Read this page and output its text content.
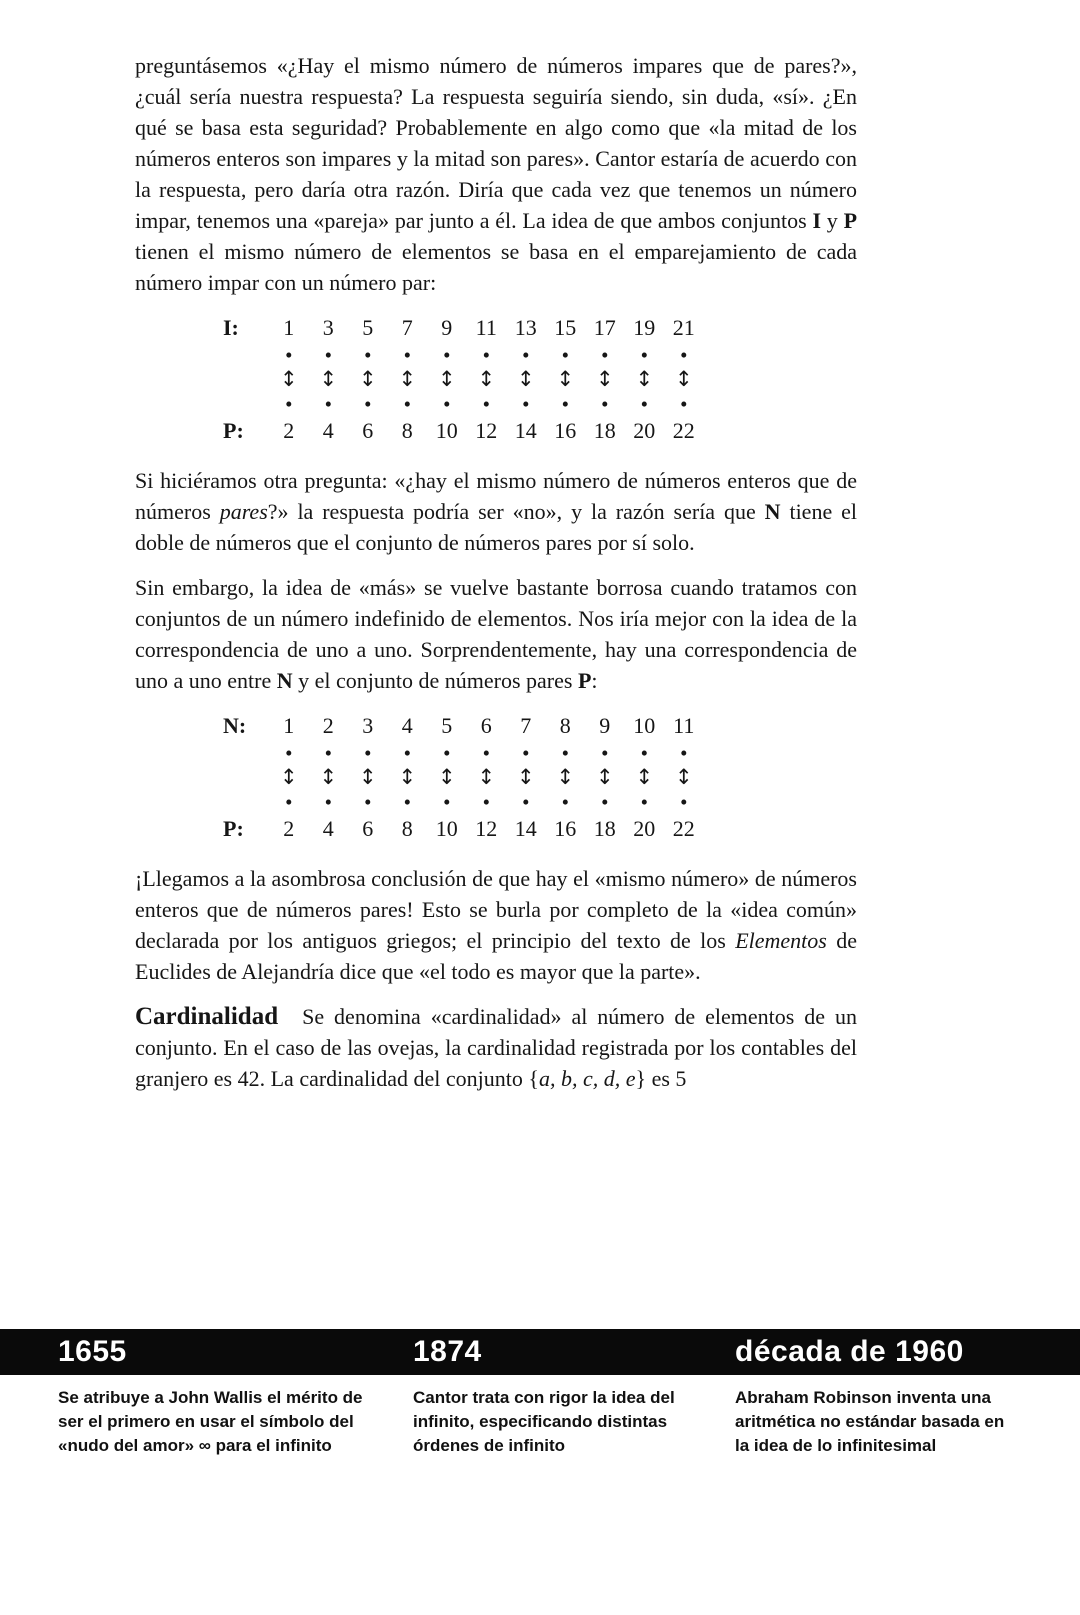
preguntásemos «¿Hay el mismo número de números impares que de pares?», ¿cuál sería nuestra respuesta? La respuesta seguiría siendo, sin duda, «sí». ¿En qué se basa esta seguridad? Probablemente en algo como que «la mitad de los números enteros son impares y la mitad son pares». Cantor estaría de acuerdo con la respuesta, pero daría otra razón. Diría que cada vez que tenemos un número impar, tenemos una «pareja» par junto a él. La idea de que ambos conjuntos I y P tienen el mismo número de elementos se basa en el emparejamiento de cada número impar con un número par:

I:	1	3	5	7	9	11 13 15 17 19 21
•	•	•	•	•	•	•	•	•	•	•
↕	↕	↕	↕	↕	↕	↕	↕	↕	↕	↕
•	•	•	•	•	•	•	•	•	•	•
P:	2	4	6	8	10 12 14 16 18 20 22

Si hiciéramos otra pregunta: «¿hay el mismo número de números enteros que de números pares?» la respuesta podría ser «no», y la razón sería que N tiene el doble de números que el conjunto de números pares por sí solo.

Sin embargo, la idea de «más» se vuelve bastante borrosa cuando tratamos con conjuntos de un número indefinido de elementos. Nos iría mejor con la idea de la correspondencia de uno a uno. Sorprendentemente, hay una correspondencia de uno a uno entre N y el conjunto de números pares P:

N:	1	2	3	4	5	6	7	8	9	10 11
•	•	•	•	•	•	•	•	•	•	•
↕	↕	↕	↕	↕	↕	↕	↕	↕	↕	↕
•	•	•	•	•	•	•	•	•	•	•
P:	2	4	6	8	10 12 14 16 18 20 22

¡Llegamos a la asombrosa conclusión de que hay el «mismo número» de números enteros que de números pares! Esto se burla por completo de la «idea común» declarada por los antiguos griegos; el principio del texto de los Elementos de Euclides de Alejandría dice que «el todo es mayor que la parte».

Cardinalidad Se denomina «cardinalidad» al número de elementos de un conjunto. En el caso de las ovejas, la cardinalidad registrada por los contables del granjero es 42. La cardinalidad del conjunto {a, b, c, d, e} es 5

1655	1874	década de 1960
Se atribuye a John Wallis el mérito de ser el primero en usar el símbolo del «nudo del amor» ∞ para el infinito
Cantor trata con rigor la idea del infinito, especificando distintas órdenes de infinito
Abraham Robinson inventa una aritmética no estándar basada en la idea de lo infinitesimal
